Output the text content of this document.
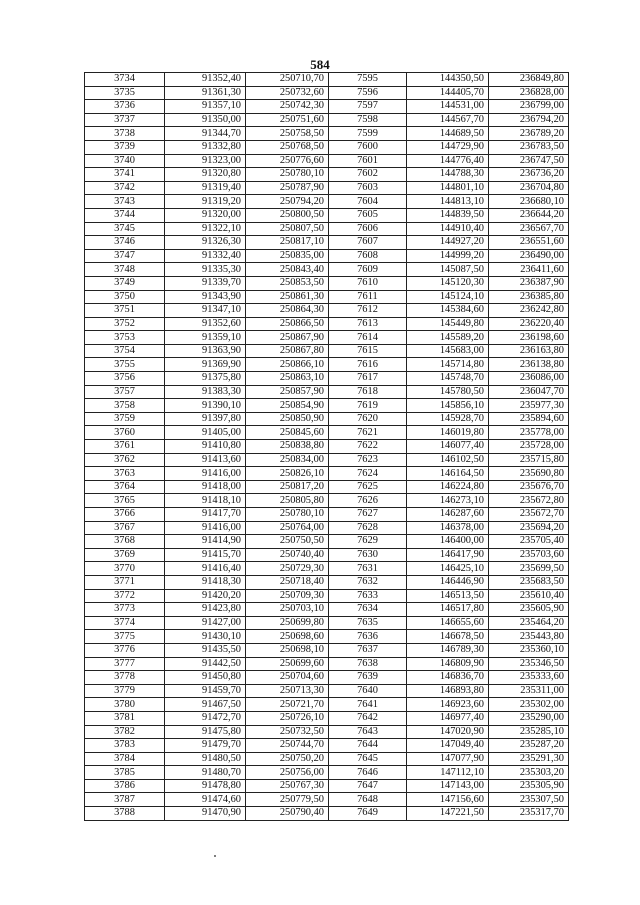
584
3734	91352,40	250710,70	7595	144350,50	236849,80
3735	91361,30	250732,60	7596	144405,70	236828,00
3736	91357,10	250742,30	7597	144531,00	236799,00
3737	91350,00	250751,60	7598	144567,70	236794,20
3738	91344,70	250758,50	7599	144689,50	236789,20
3739	91332,80	250768,50	7600	144729,90	236783,50
3740	91323,00	250776,60	7601	144776,40	236747,50
3741	91320,80	250780,10	7602	144788,30	236736,20
3742	91319,40	250787,90	7603	144801,10	236704,80
3743	91319,20	250794,20	7604	144813,10	236680,10
3744	91320,00	250800,50	7605	144839,50	236644,20
3745	91322,10	250807,50	7606	144910,40	236567,70
3746	91326,30	250817,10	7607	144927,20	236551,60
3747	91332,40	250835,00	7608	144999,20	236490,00
3748	91335,30	250843,40	7609	145087,50	236411,60
3749	91339,70	250853,50	7610	145120,30	236387,90
3750	91343,90	250861,30	7611	145124,10	236385,80
3751	91347,10	250864,30	7612	145384,60	236242,80
3752	91352,60	250866,50	7613	145449,80	236220,40
3753	91359,10	250867,90	7614	145589,20	236198,60
3754	91363,90	250867,80	7615	145683,00	236163,80
3755	91369,90	250866,10	7616	145714,80	236138,80
3756	91375,80	250863,10	7617	145748,70	236086,00
3757	91383,30	250857,90	7618	145780,50	236047,70
3758	91390,10	250854,90	7619	145856,10	235977,30
3759	91397,80	250850,90	7620	145928,70	235894,60
3760	91405,00	250845,60	7621	146019,80	235778,00
3761	91410,80	250838,80	7622	146077,40	235728,00
3762	91413,60	250834,00	7623	146102,50	235715,80
3763	91416,00	250826,10	7624	146164,50	235690,80
3764	91418,00	250817,20	7625	146224,80	235676,70
3765	91418,10	250805,80	7626	146273,10	235672,80
3766	91417,70	250780,10	7627	146287,60	235672,70
3767	91416,00	250764,00	7628	146378,00	235694,20
3768	91414,90	250750,50	7629	146400,00	235705,40
3769	91415,70	250740,40	7630	146417,90	235703,60
3770	91416,40	250729,30	7631	146425,10	235699,50
3771	91418,30	250718,40	7632	146446,90	235683,50
3772	91420,20	250709,30	7633	146513,50	235610,40
3773	91423,80	250703,10	7634	146517,80	235605,90
3774	91427,00	250699,80	7635	146655,60	235464,20
3775	91430,10	250698,60	7636	146678,50	235443,80
3776	91435,50	250698,10	7637	146789,30	235360,10
3777	91442,50	250699,60	7638	146809,90	235346,50
3778	91450,80	250704,60	7639	146836,70	235333,60
3779	91459,70	250713,30	7640	146893,80	235311,00
3780	91467,50	250721,70	7641	146923,60	235302,00
3781	91472,70	250726,10	7642	146977,40	235290,00
3782	91475,80	250732,50	7643	147020,90	235285,10
3783	91479,70	250744,70	7644	147049,40	235287,20
3784	91480,50	250750,20	7645	147077,90	235291,30
3785	91480,70	250756,00	7646	147112,10	235303,20
3786	91478,80	250767,30	7647	147143,00	235305,90
3787	91474,60	250779,50	7648	147156,60	235307,50
3788	91470,90	250790,40	7649	147221,50	235317,70
